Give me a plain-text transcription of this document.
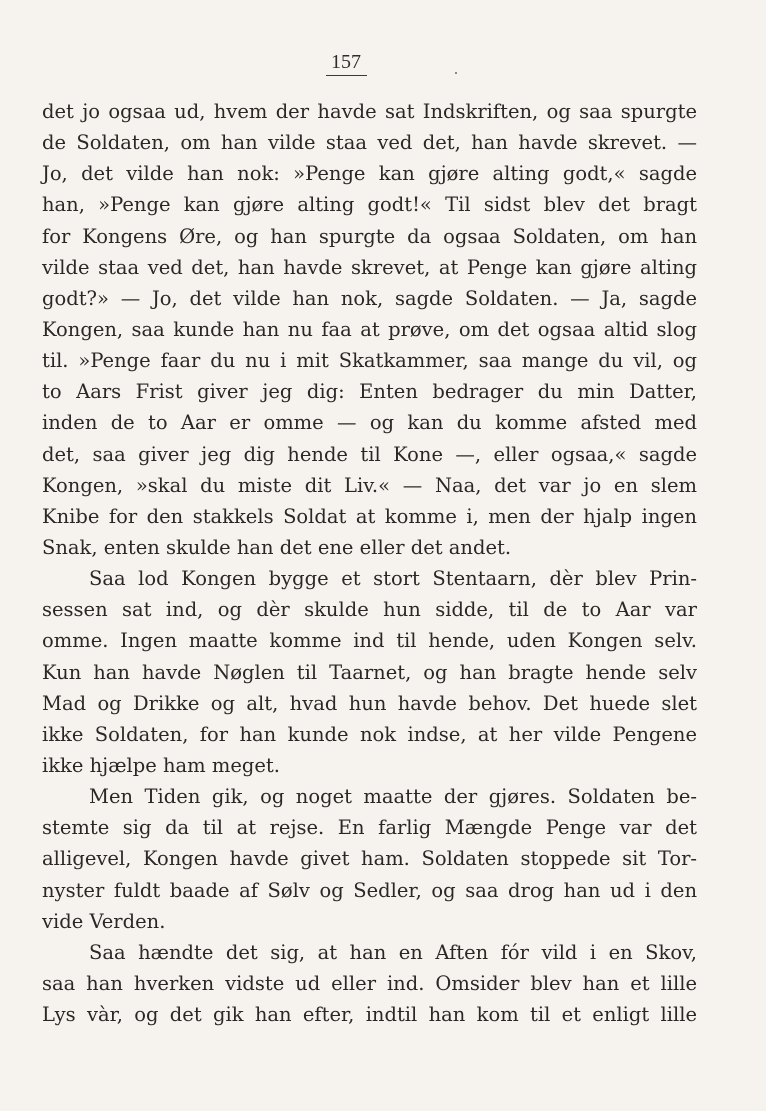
157
det jo ogsaa ud, hvem der havde sat Indskriften, og saa spurgte
de Soldaten, om han vilde staa ved det, han havde skrevet. —
Jo, det vilde han nok: »Penge kan gjøre alting godt,« sagde
han, »Penge kan gjøre alting godt!« Til sidst blev det bragt
for Kongens Øre, og han spurgte da ogsaa Soldaten, om han
vilde staa ved det, han havde skrevet, at Penge kan gjøre alting
godt?» — Jo, det vilde han nok, sagde Soldaten. — Ja, sagde
Kongen, saa kunde han nu faa at prøve, om det ogsaa altid slog
til. »Penge faar du nu i mit Skatkammer, saa mange du vil, og
to Aars Frist giver jeg dig: Enten bedrager du min Datter,
inden de to Aar er omme — og kan du komme afsted med
det, saa giver jeg dig hende til Kone —, eller ogsaa,« sagde
Kongen, »skal du miste dit Liv.« — Naa, det var jo en slem
Knibe for den stakkels Soldat at komme i, men der hjalp ingen
Snak, enten skulde han det ene eller det andet.
Saa lod Kongen bygge et stort Stentaarn, dèr blev Prin-
sessen sat ind, og dèr skulde hun sidde, til de to Aar var
omme. Ingen maatte komme ind til hende, uden Kongen selv.
Kun han havde Nøglen til Taarnet, og han bragte hende selv
Mad og Drikke og alt, hvad hun havde behov. Det huede slet
ikke Soldaten, for han kunde nok indse, at her vilde Pengene
ikke hjælpe ham meget.
Men Tiden gik, og noget maatte der gjøres. Soldaten be-
stemte sig da til at rejse. En farlig Mængde Penge var det
alligevel, Kongen havde givet ham. Soldaten stoppede sit Tor-
nyster fuldt baade af Sølv og Sedler, og saa drog han ud i den
vide Verden.
Saa hændte det sig, at han en Aften fór vild i en Skov,
saa han hverken vidste ud eller ind. Omsider blev han et lille
Lys vàr, og det gik han efter, indtil han kom til et enligt lille
